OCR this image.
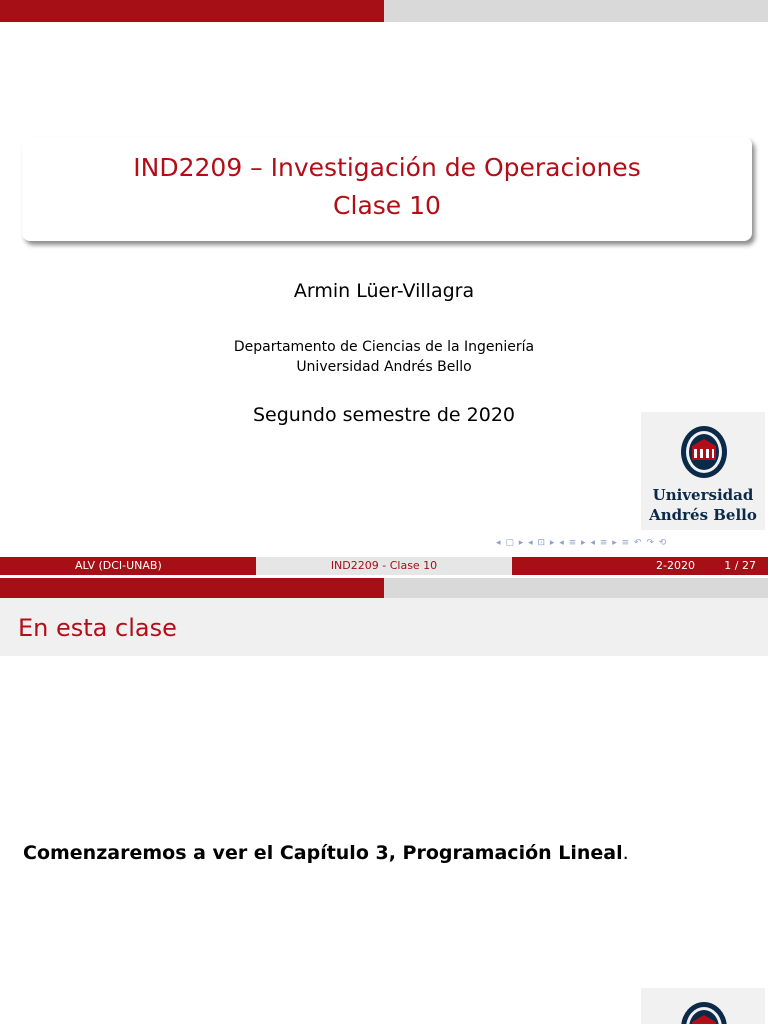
IND2209 – Investigación de Operaciones
Clase 10
Armin Lüer-Villagra
Departamento de Ciencias de la Ingeniería
Universidad Andrés Bello
Segundo semestre de 2020
Universidad
Andrés Bello
◂ ▢ ▸ ◂ ⊡ ▸ ◂ ≡ ▸ ◂ ≡ ▸ ≡ ↶ ↷ ⟲
ALV (DCI-UNAB)	IND2209 - Clase 10	2-2020	1 / 27
En esta clase
Comenzaremos a ver el Capítulo 3, Programación Lineal.
